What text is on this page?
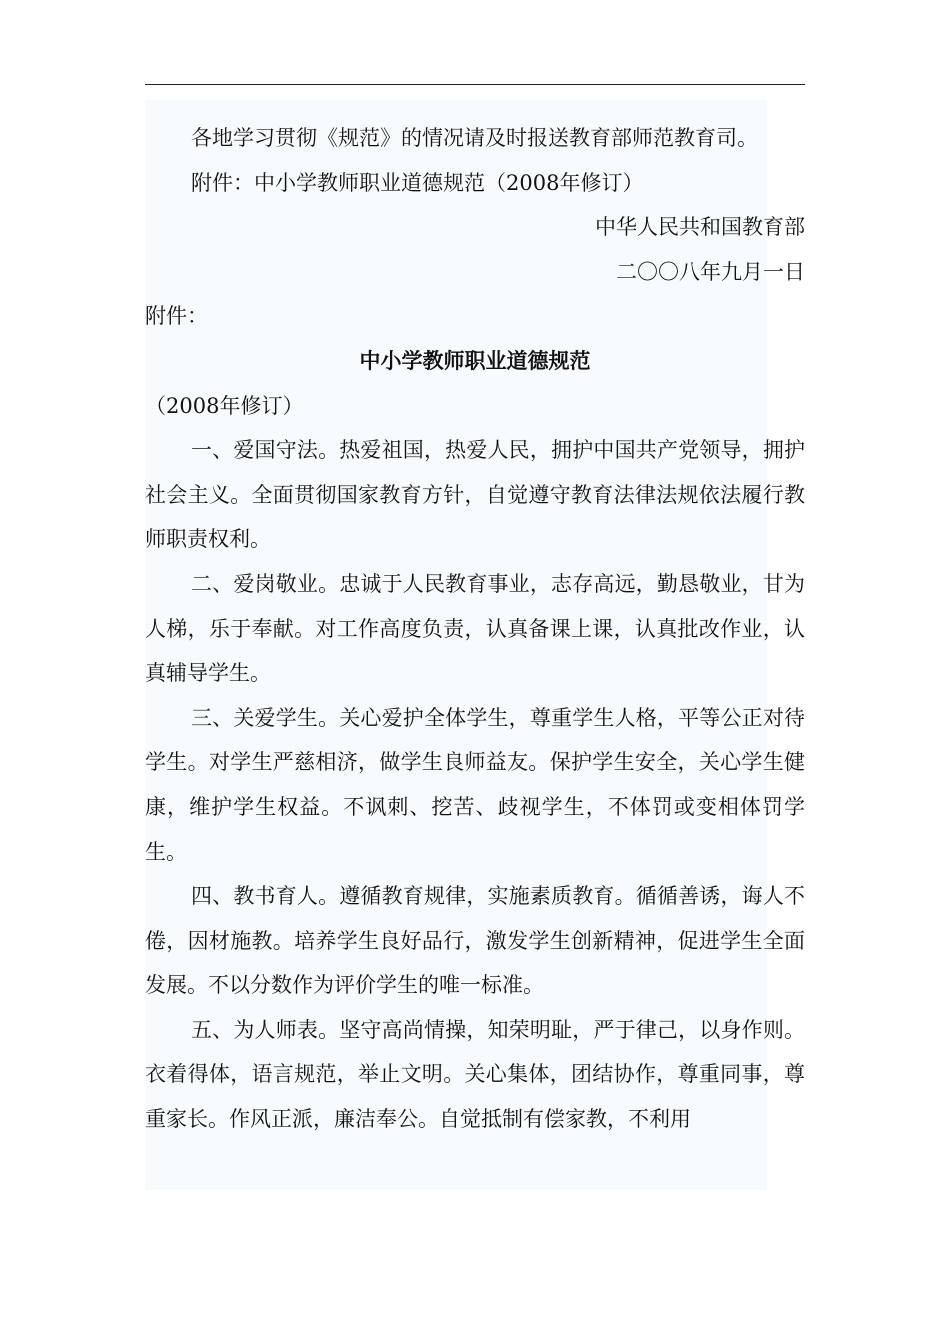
各地学习贯彻《规范》的情况请及时报送教育部师范教育司。

附件：中小学教师职业道德规范（2008年修订）

中华人民共和国教育部

二〇〇八年九月一日

附件：

中小学教师职业道德规范

（2008年修订）

一、爱国守法。热爱祖国，热爱人民，拥护中国共产党领导，拥护社会主义。全面贯彻国家教育方针，自觉遵守教育法律法规依法履行教师职责权利。

二、爱岗敬业。忠诚于人民教育事业，志存高远，勤恳敬业，甘为人梯，乐于奉献。对工作高度负责，认真备课上课，认真批改作业，认真辅导学生。

三、关爱学生。关心爱护全体学生，尊重学生人格，平等公正对待学生。对学生严慈相济，做学生良师益友。保护学生安全，关心学生健康，维护学生权益。不讽刺、挖苦、歧视学生，不体罚或变相体罚学生。

四、教书育人。遵循教育规律，实施素质教育。循循善诱，诲人不倦，因材施教。培养学生良好品行，激发学生创新精神，促进学生全面发展。不以分数作为评价学生的唯一标准。

五、为人师表。坚守高尚情操，知荣明耻，严于律己，以身作则。衣着得体，语言规范，举止文明。关心集体，团结协作，尊重同事，尊重家长。作风正派，廉洁奉公。自觉抵制有偿家教，不利用
